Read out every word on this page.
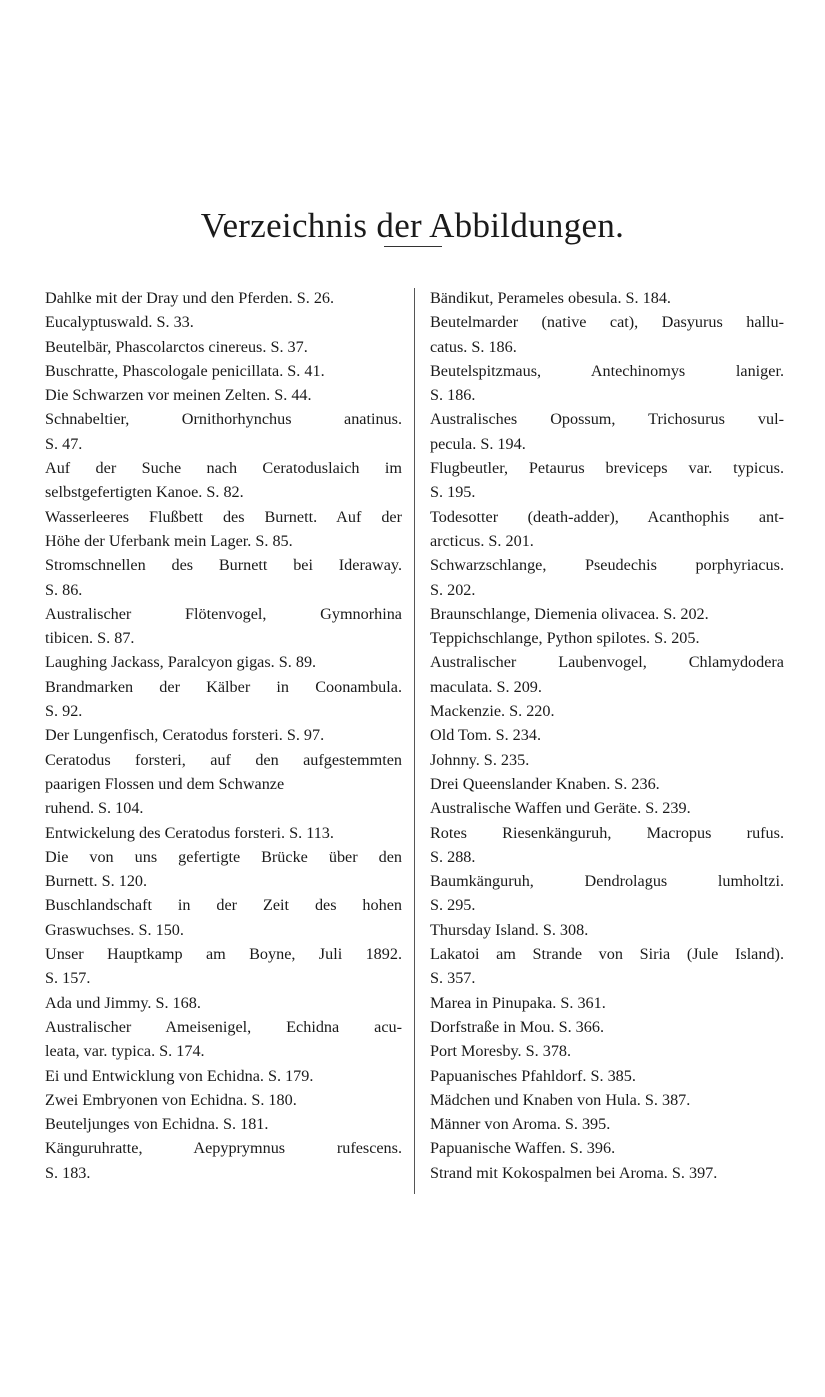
Verzeichnis der Abbildungen.
Dahlke mit der Dray und den Pferden. S. 26.
Eucalyptuswald. S. 33.
Beutelbär, Phascolarctos cinereus. S. 37.
Buschratte, Phascologale penicillata. S. 41.
Die Schwarzen vor meinen Zelten. S. 44.
Schnabeltier, Ornithorhynchus anatinus.
S. 47.
Auf der Suche nach Ceratoduslaich im
selbstgefertigten Kanoe. S. 82.
Wasserleeres Flußbett des Burnett. Auf der
Höhe der Uferbank mein Lager. S. 85.
Stromschnellen des Burnett bei Ideraway.
S. 86.
Australischer Flötenvogel, Gymnorhina
tibicen. S. 87.
Laughing Jackass, Paralcyon gigas. S. 89.
Brandmarken der Kälber in Coonambula.
S. 92.
Der Lungenfisch, Ceratodus forsteri. S. 97.
Ceratodus forsteri, auf den aufgestemmten
paarigen Flossen und dem Schwanze
ruhend. S. 104.
Entwickelung des Ceratodus forsteri. S. 113.
Die von uns gefertigte Brücke über den
Burnett. S. 120.
Buschlandschaft in der Zeit des hohen
Graswuchses. S. 150.
Unser Hauptkamp am Boyne, Juli 1892.
S. 157.
Ada und Jimmy. S. 168.
Australischer Ameisenigel, Echidna acu-
leata, var. typica. S. 174.
Ei und Entwicklung von Echidna. S. 179.
Zwei Embryonen von Echidna. S. 180.
Beuteljunges von Echidna. S. 181.
Känguruhratte, Aepyprymnus rufescens.
S. 183.
Bändikut, Perameles obesula. S. 184.
Beutelmarder (native cat), Dasyurus hallu-
catus. S. 186.
Beutelspitzmaus, Antechinomys laniger.
S. 186.
Australisches Opossum, Trichosurus vul-
pecula. S. 194.
Flugbeutler, Petaurus breviceps var. typicus.
S. 195.
Todesotter (death-adder), Acanthophis ant-
arcticus. S. 201.
Schwarzschlange, Pseudechis porphyriacus.
S. 202.
Braunschlange, Diemenia olivacea. S. 202.
Teppichschlange, Python spilotes. S. 205.
Australischer Laubenvogel, Chlamydodera
maculata. S. 209.
Mackenzie. S. 220.
Old Tom. S. 234.
Johnny. S. 235.
Drei Queenslander Knaben. S. 236.
Australische Waffen und Geräte. S. 239.
Rotes Riesenkänguruh, Macropus rufus.
S. 288.
Baumkänguruh, Dendrolagus lumholtzi.
S. 295.
Thursday Island. S. 308.
Lakatoi am Strande von Siria (Jule Island).
S. 357.
Marea in Pinupaka. S. 361.
Dorfstraße in Mou. S. 366.
Port Moresby. S. 378.
Papuanisches Pfahldorf. S. 385.
Mädchen und Knaben von Hula. S. 387.
Männer von Aroma. S. 395.
Papuanische Waffen. S. 396.
Strand mit Kokospalmen bei Aroma. S. 397.
